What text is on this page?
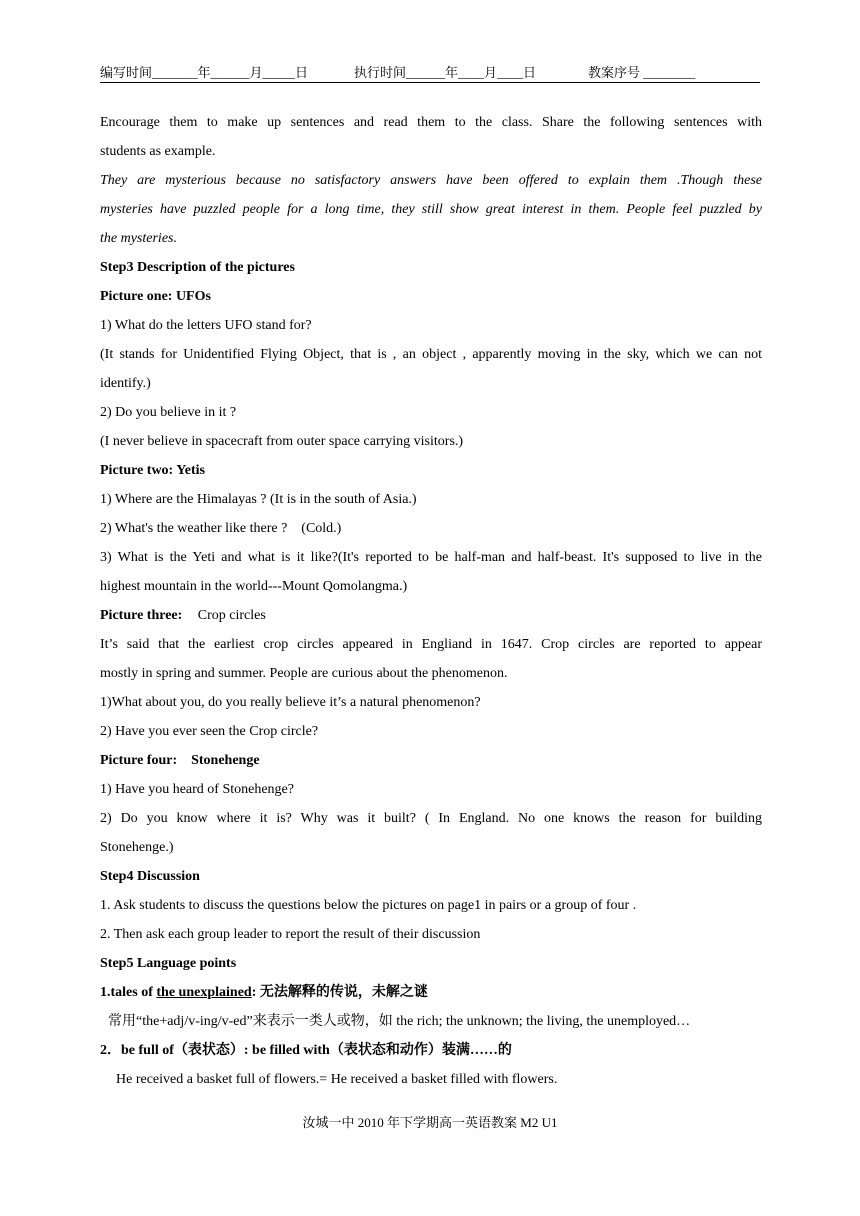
编写时间_______年______月_____日	执行时间______年____月____日	教案序号 ________
Encourage them to make up sentences and read them to the class. Share the following sentences with
students as example.
They are mysterious because no satisfactory answers have been offered to explain them .Though these
mysteries have puzzled people for a long time, they still show great interest in them. People feel puzzled by
the mysteries.
Step3 Description of the pictures
Picture one: UFOs
1) What do the letters UFO stand for?
(It stands for Unidentified Flying Object, that is , an object , apparently moving in the sky, which we can not
identify.)
2) Do you believe in it ?
(I never believe in spacecraft from outer space carrying visitors.)
Picture two: Yetis
1) Where are the Himalayas ? (It is in the south of Asia.)
2) What's the weather like there ?    (Cold.)
3) What is the Yeti and what is it like?(It's reported to be half-man and half-beast. It's supposed to live in the
highest mountain in the world---Mount Qomolangma.)
Picture three: Crop circles
It’s said that the earliest crop circles appeared in Engliand in 1647. Crop circles are reported to appear
mostly in spring and summer. People are curious about the phenomenon.
1)What about you, do you really believe it’s a natural phenomenon?
2) Have you ever seen the Crop circle?
Picture four:    Stonehenge
1) Have you heard of Stonehenge?
2) Do you know where it is? Why was it built? ( In England. No one knows the reason for building
Stonehenge.)
Step4 Discussion
1. Ask students to discuss the questions below the pictures on page1 in pairs or a group of four .
2. Then ask each group leader to report the result of their discussion
Step5 Language points
1.tales of the unexplained: 无法解释的传说，未解之谜
常用“the+adj/v-ing/v-ed”来表示一类人或物，如 the rich; the unknown; the living, the unemployed…
2．be full of（表状态）: be filled with（表状态和动作）装满……的
He received a basket full of flowers.= He received a basket filled with flowers.
汝城一中 2010 年下学期高一英语教案 M2 U1
